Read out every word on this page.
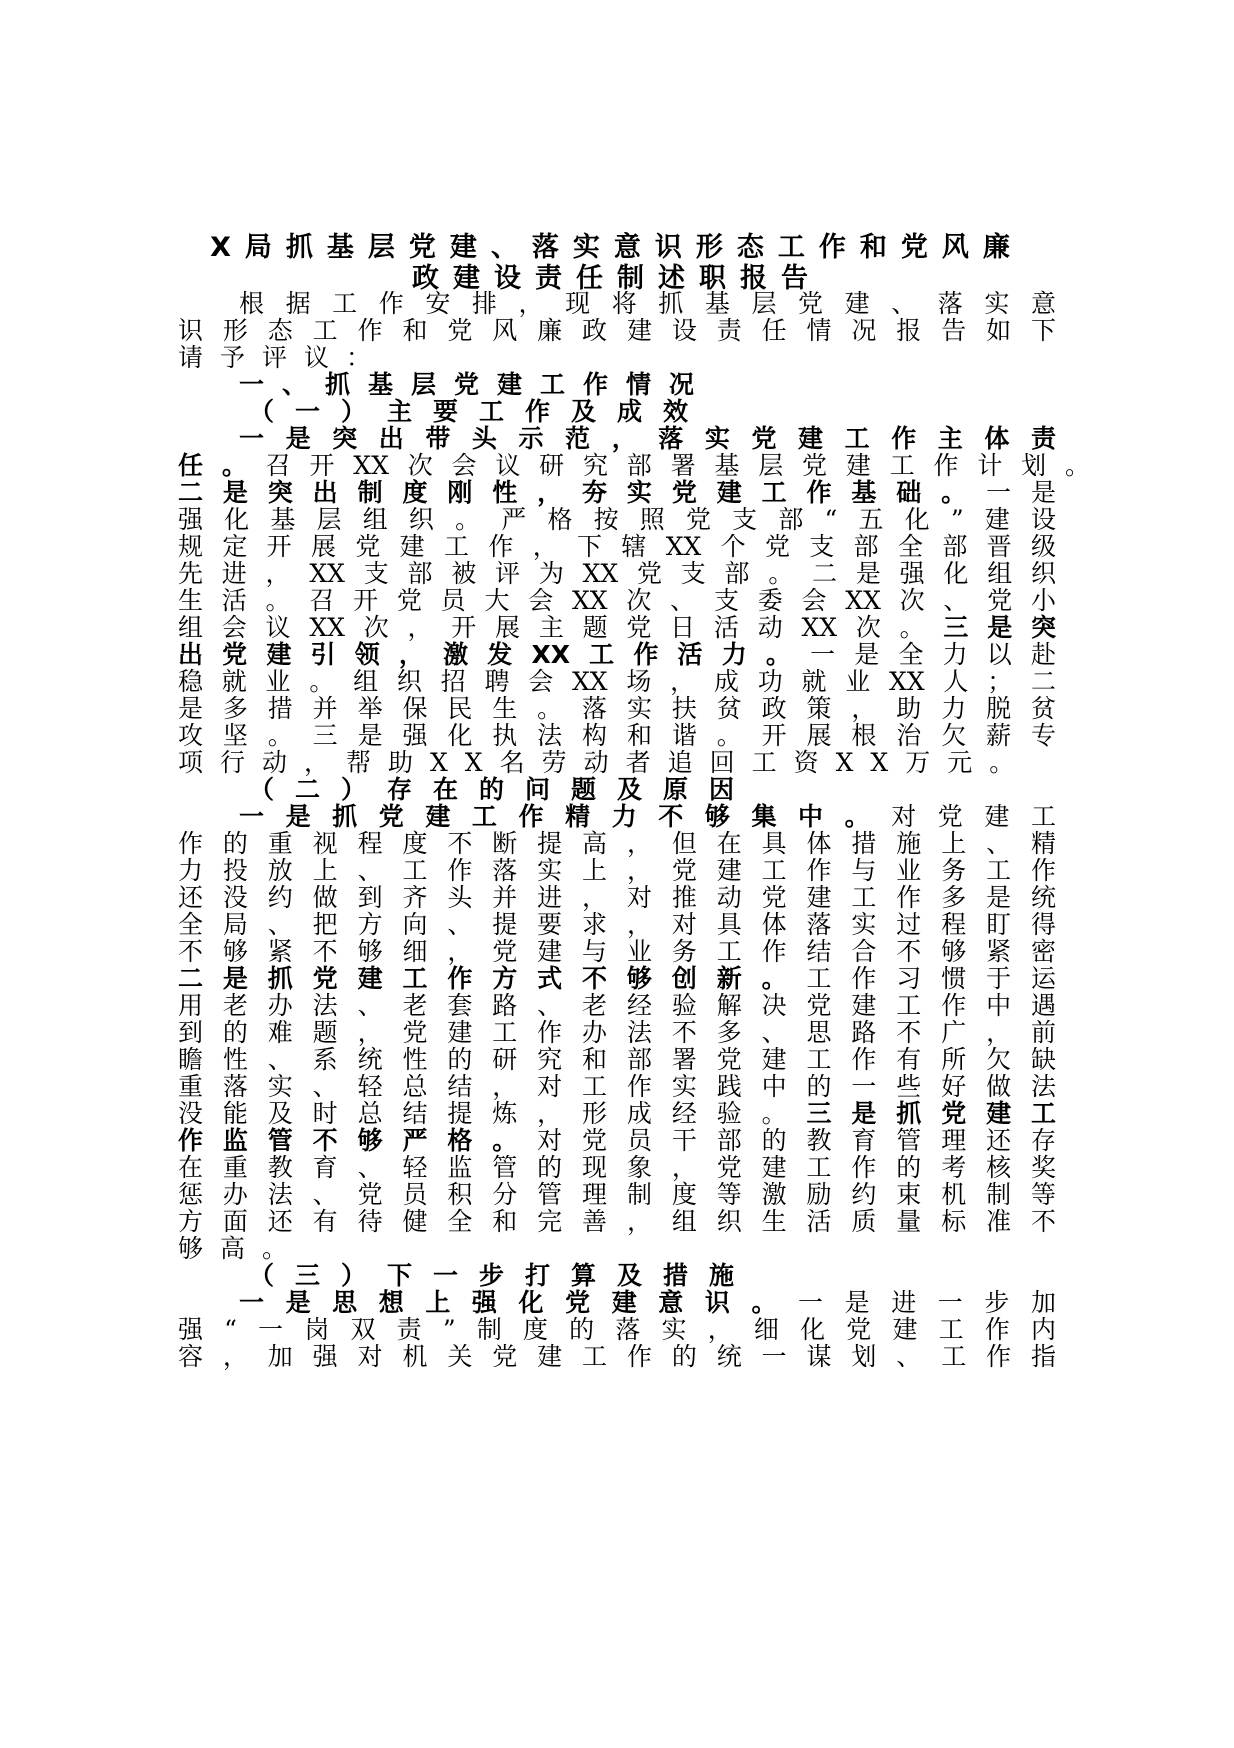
X局抓基层党建、落实意识形态工作和党风廉
政建设责任制述职报告
根据工作安排，现将抓基层党建、落实意
识形态工作和党风廉政建设责任情况报告如下
请予评议：
一、抓基层党建工作情况
（一）主要工作及成效
一是突出带头示范，落实党建工作主体责
任。召开XX次会议研究部署基层党建工作计划。
二是突出制度刚性，夯实党建工作基础。一是
强化基层组织。严格按照党支部“五化”建设
规定开展党建工作，下辖XX个党支部全部晋级
先进，XX支部被评为XX党支部。二是强化组织
生活。召开党员大会XX次、支委会XX次、党小
组会议XX次，开展主题党日活动XX次。三是突
出党建引领，激发XX工作活力。一是全力以赴
稳就业。组织招聘会XX场，成功就业XX人；二
是多措并举保民生。落实扶贫政策，助力脱贫
攻坚。三是强化执法构和谐。开展根治欠薪专
项行动，帮助XX名劳动者追回工资XX万元。
（二）存在的问题及原因
一是抓党建工作精力不够集中。对党建工
作的重视程度不断提高，但在具体措施上、精
力投放上、工作落实上，党建工作与业务工作
还没约做到齐头并进，对推动党建工作多是统
全局、把方向、提要求，对具体落实过程盯得
不够紧不够细，党建与业务工作结合不够紧密
二是抓党建工作方式不够创新。工作习惯于运
用老办法、老套路、老经验解决党建工作中遇
到的难题，党建工作办法不多、思路不广，前
瞻性、系统性的研究和部署党建工作有所欠缺
重落实、轻总结，对工作实践中的一些好做法
没能及时总结提炼，形成经验。三是抓党建工
作监管不够严格。对党员干部的教育管理还存
在重教育、轻监管的现象，党建工作的考核奖
惩办法、党员积分管理制度等激励约束机制等
方面还有待健全和完善，组织生活质量标准不
够高。
（三）下一步打算及措施
一是思想上强化党建意识。一是进一步加
强“一岗双责”制度的落实，细化党建工作内
容，加强对机关党建工作的统一谋划、工作指
